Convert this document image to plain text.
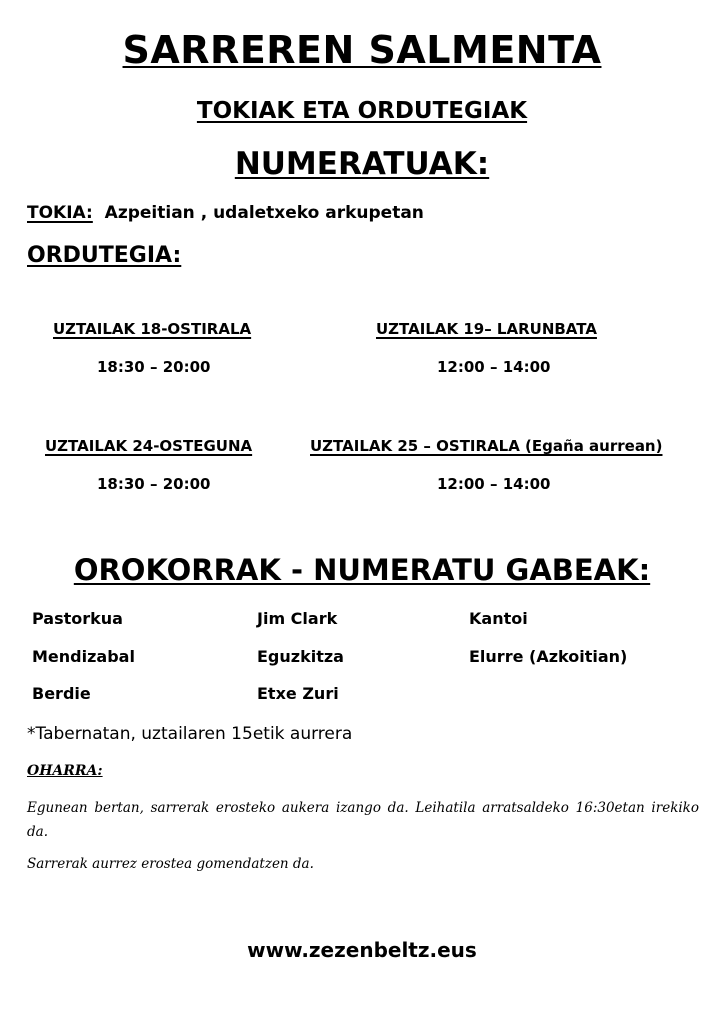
SARREREN SALMENTA
TOKIAK ETA ORDUTEGIAK
NUMERATUAK:
TOKIA: Azpeitian , udaletxeko arkupetan
ORDUTEGIA:
UZTAILAK 18-OSTIRALA
18:30 – 20:00
UZTAILAK 19– LARUNBATA
12:00 – 14:00
UZTAILAK 24-OSTEGUNA
18:30 – 20:00
UZTAILAK 25 – OSTIRALA (Egaña aurrean)
12:00 – 14:00
OROKORRAK - NUMERATU GABEAK:
Pastorkua	Jim Clark	Kantoi
Mendizabal	Eguzkitza	Elurre (Azkoitian)
Berdie	Etxe Zuri
*Tabernatan, uztailaren 15etik aurrera
OHARRA:
Egunean bertan, sarrerak erosteko aukera izango da. Leihatila arratsaldeko 16:30etan irekiko da.
Sarrerak aurrez erostea gomendatzen da.
www.zezenbeltz.eus
